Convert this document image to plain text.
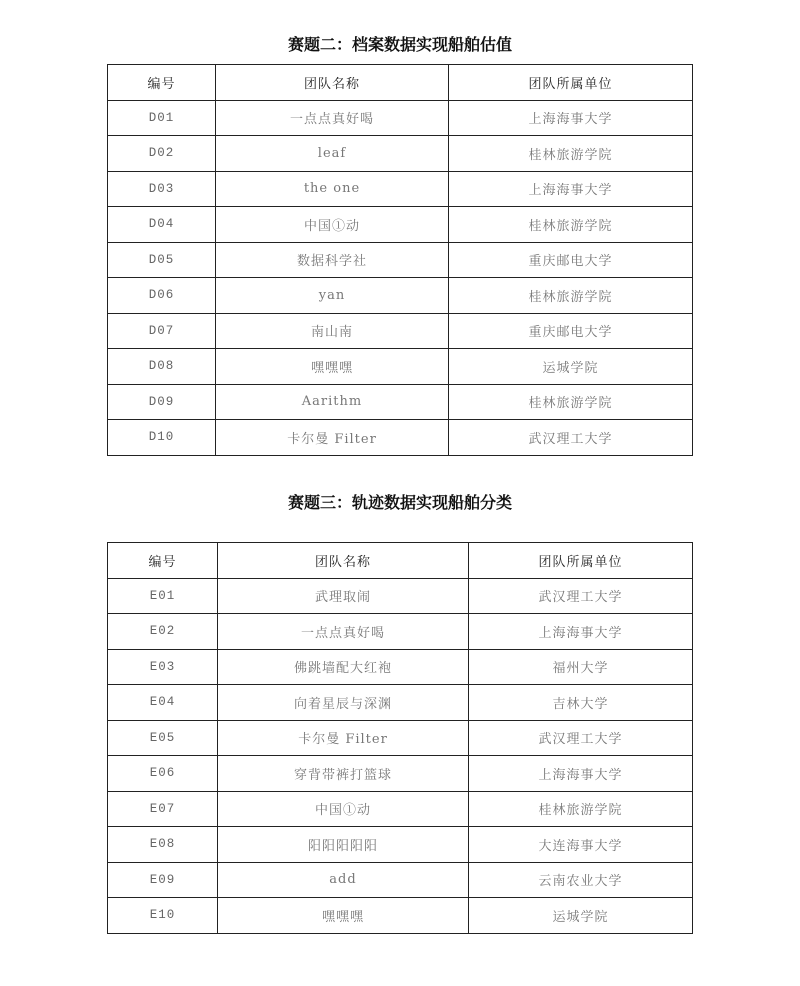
赛题二：档案数据实现船舶估值
编号	团队名称	团队所属单位
D01	一点点真好喝	上海海事大学
D02	leaf	桂林旅游学院
D03	the one	上海海事大学
D04	中国①动	桂林旅游学院
D05	数据科学社	重庆邮电大学
D06	yan	桂林旅游学院
D07	南山南	重庆邮电大学
D08	嘿嘿嘿	运城学院
D09	Aarithm	桂林旅游学院
D10	卡尔曼 Filter	武汉理工大学
赛题三：轨迹数据实现船舶分类
编号	团队名称	团队所属单位
E01	武理取闹	武汉理工大学
E02	一点点真好喝	上海海事大学
E03	佛跳墙配大红袍	福州大学
E04	向着星辰与深渊	吉林大学
E05	卡尔曼 Filter	武汉理工大学
E06	穿背带裤打篮球	上海海事大学
E07	中国①动	桂林旅游学院
E08	阳阳阳阳阳	大连海事大学
E09	add	云南农业大学
E10	嘿嘿嘿	运城学院
